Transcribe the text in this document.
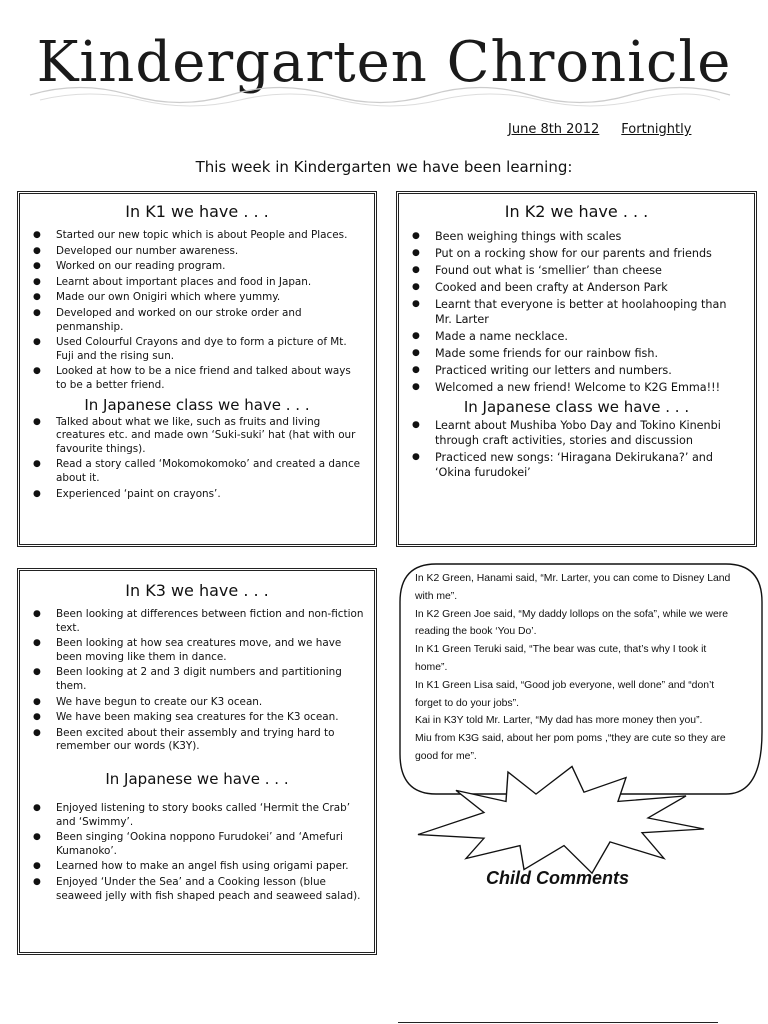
Kindergarten Chronicle
June 8th 2012 Fortnightly
This week in Kindergarten we have been learning:
In K1 we have . . .
● Started our new topic which is about People and Places.
● Developed our number awareness.
● Worked on our reading program.
● Learnt about important places and food in Japan.
● Made our own Onigiri which where yummy.
● Developed and worked on our stroke order and penmanship.
● Used Colourful Crayons and dye to form a picture of Mt. Fuji and the rising sun.
● Looked at how to be a nice friend and talked about ways to be a better friend.
In Japanese class we have . . .
● Talked about what we like, such as fruits and living creatures etc. and made own ‘Suki-suki’ hat (hat with our favourite things).
● Read a story called ‘Mokomokomoko’ and created a dance about it.
● Experienced ‘paint on crayons’.
In K2 we have . . .
● Been weighing things with scales
● Put on a rocking show for our parents and friends
● Found out what is ‘smellier’ than cheese
● Cooked and been crafty at Anderson Park
● Learnt that everyone is better at hoolahooping than Mr. Larter
● Made a name necklace.
● Made some friends for our rainbow fish.
● Practiced writing our letters and numbers.
● Welcomed a new friend! Welcome to K2G Emma!!!
In Japanese class we have . . .
● Learnt about Mushiba Yobo Day and Tokino Kinenbi through craft activities, stories and discussion
● Practiced new songs: ‘Hiragana Dekirukana?’ and ‘Okina furudokei’
In K3 we have . . .
● Been looking at differences between fiction and non-fiction text.
● Been looking at how sea creatures move, and we have been moving like them in dance.
● Been looking at 2 and 3 digit numbers and partitioning them.
● We have begun to create our K3 ocean.
● We have been making sea creatures for the K3 ocean.
● Been excited about their assembly and trying hard to remember our words (K3Y).
In Japanese we have . . .
● Enjoyed listening to story books called ‘Hermit the Crab’ and ‘Swimmy’.
● Been singing ‘Ookina noppono Furudokei’ and ‘Amefuri Kumanoko’.
● Learned how to make an angel fish using origami paper.
● Enjoyed ‘Under the Sea’ and a Cooking lesson (blue seaweed jelly with fish shaped peach and seaweed salad).

In K2 Green, Hanami said, “Mr. Larter, you can come to Disney Land with me”.

In K2 Green Joe said, “My daddy lollops on the sofa”, while we were reading the book ‘You Do’.

In K1 Green Teruki said, “The bear was cute, that’s why I took it home”.

In K1 Green Lisa said, “Good job everyone, well done” and “don’t forget to do your jobs”.

Kai in K3Y told Mr. Larter, “My dad has more money then you”.

Miu from K3G said, about her pom poms ,“they are cute so they are good for me”.

Child Comments
